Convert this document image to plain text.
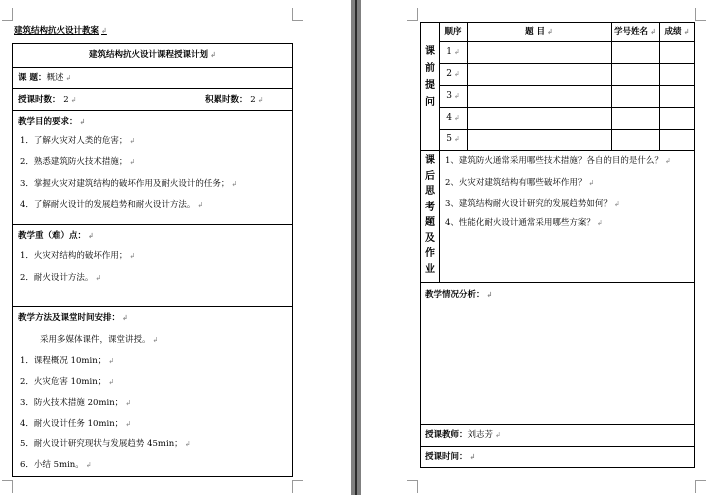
建筑结构抗火设计教案 ↲
建筑结构抗火设计课程授课计划 ↲
课 题：概述 ↲
授课时数： 2 ↲	积累时数： 2 ↲
教学目的要求： ↲
1．了解火灾对人类的危害； ↲
2．熟悉建筑防火技术措施； ↲
3．掌握火灾对建筑结构的破坏作用及耐火设计的任务； ↲
4．了解耐火设计的发展趋势和耐火设计方法。 ↲
教学重（难）点： ↲
1．火灾对结构的破坏作用； ↲
2．耐火设计方法。 ↲
教学方法及课堂时间安排： ↲
采用多媒体课件，课堂讲授。 ↲
1．课程概况 10min； ↲
2．火灾危害 10min； ↲
3．防火技术措施 20min； ↲
4．耐火设计任务 10min； ↲
5．耐火设计研究现状与发展趋势 45min； ↲
6．小结 5min。 ↲
课
前
提
问
顺序	题 目 ↲	学号姓名 ↲	成绩 ↲
1 ↲
2 ↲
3 ↲
4 ↲
5 ↲
课
后
思
考
题
及
作
业
1、建筑防火通常采用哪些技术措施？各自的目的是什么？ ↲
2、火灾对建筑结构有哪些破坏作用？ ↲
3、建筑结构耐火设计研究的发展趋势如何？ ↲
4、性能化耐火设计通常采用哪些方案？ ↲
教学情况分析： ↲
授课教师：刘志芳 ↲
授课时间： ↲
